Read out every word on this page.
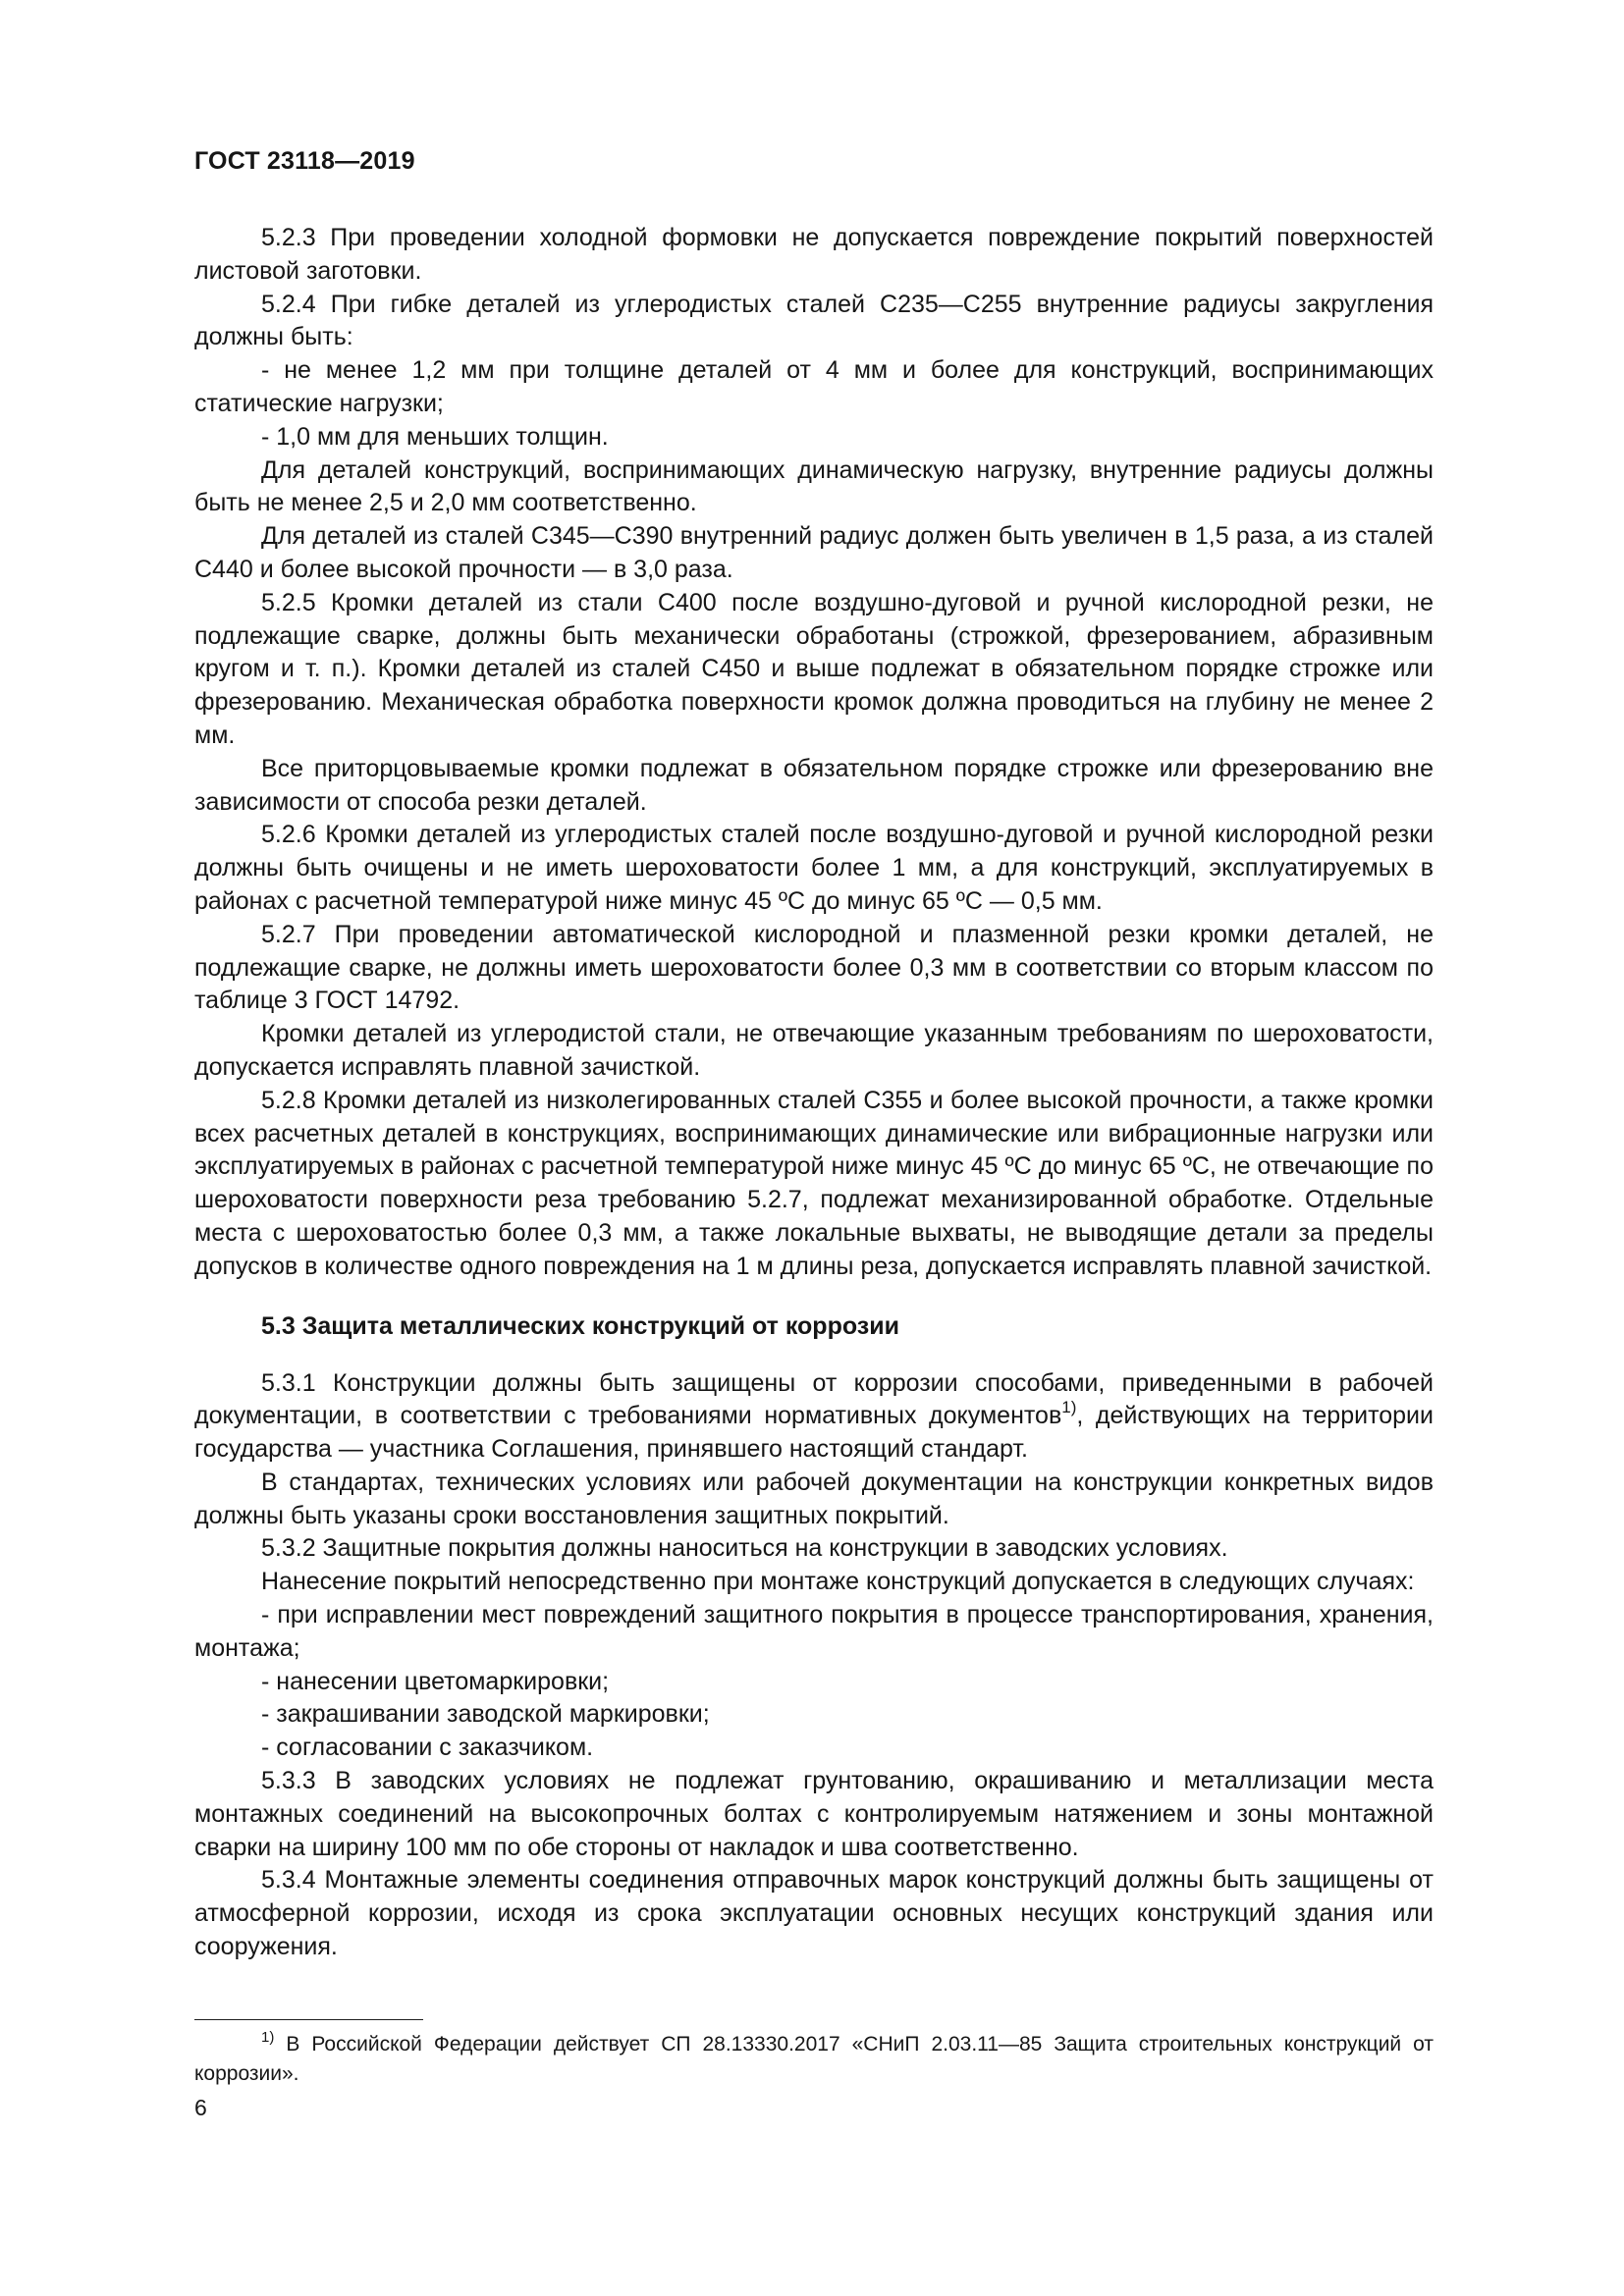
ГОСТ 23118—2019

5.2.3 При проведении холодной формовки не допускается повреждение покрытий поверхностей листовой заготовки.

5.2.4 При гибке деталей из углеродистых сталей С235—С255 внутренние радиусы закругления должны быть:

- не менее 1,2 мм при толщине деталей от 4 мм и более для конструкций, воспринимающих статические нагрузки;

- 1,0 мм для меньших толщин.

Для деталей конструкций, воспринимающих динамическую нагрузку, внутренние радиусы должны быть не менее 2,5 и 2,0 мм соответственно.

Для деталей из сталей С345—С390 внутренний радиус должен быть увеличен в 1,5 раза, а из сталей С440 и более высокой прочности — в 3,0 раза.

5.2.5 Кромки деталей из стали С400 после воздушно-дуговой и ручной кислородной резки, не подлежащие сварке, должны быть механически обработаны (строжкой, фрезерованием, абразивным кругом и т. п.). Кромки деталей из сталей С450 и выше подлежат в обязательном порядке строжке или фрезерованию. Механическая обработка поверхности кромок должна проводиться на глубину не менее 2 мм.

Все приторцовываемые кромки подлежат в обязательном порядке строжке или фрезерованию вне зависимости от способа резки деталей.

5.2.6 Кромки деталей из углеродистых сталей после воздушно-дуговой и ручной кислородной резки должны быть очищены и не иметь шероховатости более 1 мм, а для конструкций, эксплуатируемых в районах с расчетной температурой ниже минус 45 ºС до минус 65 ºС — 0,5 мм.

5.2.7 При проведении автоматической кислородной и плазменной резки кромки деталей, не подлежащие сварке, не должны иметь шероховатости более 0,3 мм в соответствии со вторым классом по таблице 3 ГОСТ 14792.

Кромки деталей из углеродистой стали, не отвечающие указанным требованиям по шероховатости, допускается исправлять плавной зачисткой.

5.2.8 Кромки деталей из низколегированных сталей С355 и более высокой прочности, а также кромки всех расчетных деталей в конструкциях, воспринимающих динамические или вибрационные нагрузки или эксплуатируемых в районах с расчетной температурой ниже минус 45 ºС до минус 65 ºС, не отвечающие по шероховатости поверхности реза требованию 5.2.7, подлежат механизированной обработке. Отдельные места с шероховатостью более 0,3 мм, а также локальные выхваты, не выводящие детали за пределы допусков в количестве одного повреждения на 1 м длины реза, допускается исправлять плавной зачисткой.

5.3 Защита металлических конструкций от коррозии

5.3.1 Конструкции должны быть защищены от коррозии способами, приведенными в рабочей документации, в соответствии с требованиями нормативных документов$^{1)}$, действующих на территории государства — участника Соглашения, принявшего настоящий стандарт.

В стандартах, технических условиях или рабочей документации на конструкции конкретных видов должны быть указаны сроки восстановления защитных покрытий.

5.3.2 Защитные покрытия должны наноситься на конструкции в заводских условиях.

Нанесение покрытий непосредственно при монтаже конструкций допускается в следующих случаях:

- при исправлении мест повреждений защитного покрытия в процессе транспортирования, хранения, монтажа;

- нанесении цветомаркировки;

- закрашивании заводской маркировки;

- согласовании с заказчиком.

5.3.3 В заводских условиях не подлежат грунтованию, окрашиванию и металлизации места монтажных соединений на высокопрочных болтах с контролируемым натяжением и зоны монтажной сварки на ширину 100 мм по обе стороны от накладок и шва соответственно.

5.3.4 Монтажные элементы соединения отправочных марок конструкций должны быть защищены от атмосферной коррозии, исходя из срока эксплуатации основных несущих конструкций здания или сооружения.

$^{1)}$ В Российской Федерации действует СП 28.13330.2017 «СНиП 2.03.11—85 Защита строительных конструкций от коррозии».

6
